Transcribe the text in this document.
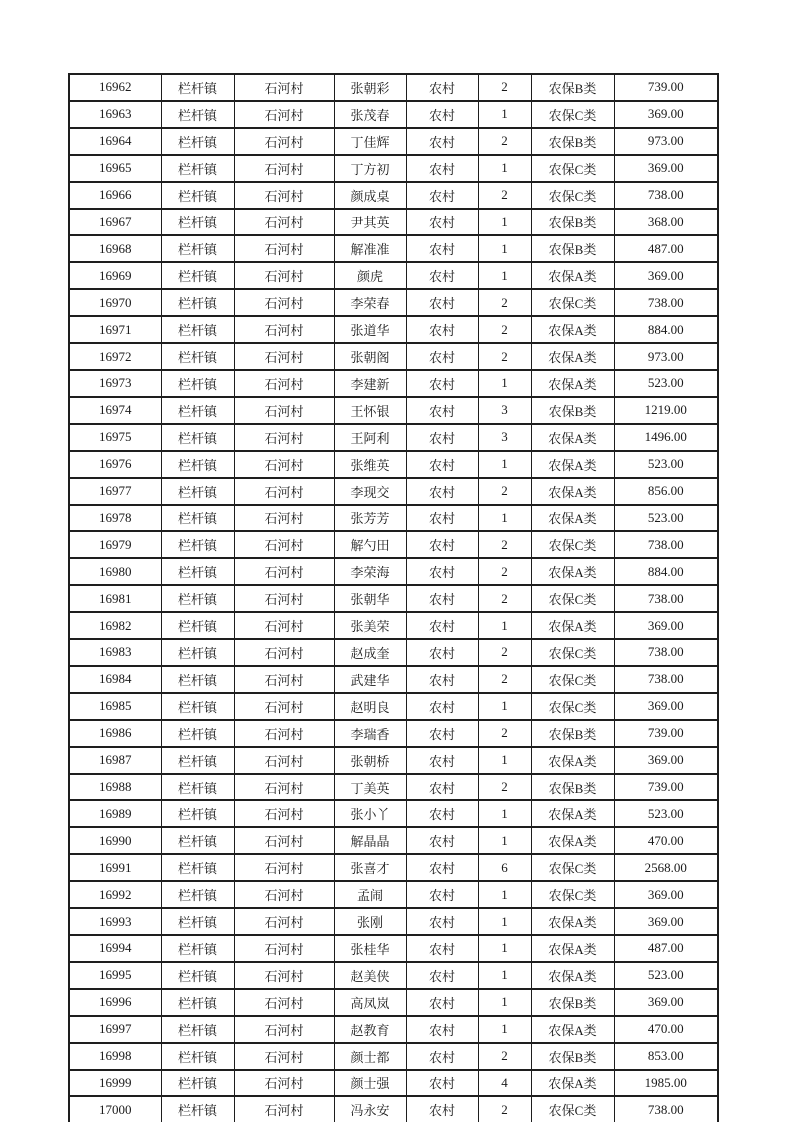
16962	栏杆镇	石河村	张朝彩	农村	2	农保B类	739.00
16963	栏杆镇	石河村	张茂春	农村	1	农保C类	369.00
16964	栏杆镇	石河村	丁佳辉	农村	2	农保B类	973.00
16965	栏杆镇	石河村	丁方初	农村	1	农保C类	369.00
16966	栏杆镇	石河村	颜成桌	农村	2	农保C类	738.00
16967	栏杆镇	石河村	尹其英	农村	1	农保B类	368.00
16968	栏杆镇	石河村	解准准	农村	1	农保B类	487.00
16969	栏杆镇	石河村	颜虎	农村	1	农保A类	369.00
16970	栏杆镇	石河村	李荣春	农村	2	农保C类	738.00
16971	栏杆镇	石河村	张道华	农村	2	农保A类	884.00
16972	栏杆镇	石河村	张朝阁	农村	2	农保A类	973.00
16973	栏杆镇	石河村	李建新	农村	1	农保A类	523.00
16974	栏杆镇	石河村	王怀银	农村	3	农保B类	1219.00
16975	栏杆镇	石河村	王阿利	农村	3	农保A类	1496.00
16976	栏杆镇	石河村	张维英	农村	1	农保A类	523.00
16977	栏杆镇	石河村	李现交	农村	2	农保A类	856.00
16978	栏杆镇	石河村	张芳芳	农村	1	农保A类	523.00
16979	栏杆镇	石河村	解勺田	农村	2	农保C类	738.00
16980	栏杆镇	石河村	李荣海	农村	2	农保A类	884.00
16981	栏杆镇	石河村	张朝华	农村	2	农保C类	738.00
16982	栏杆镇	石河村	张美荣	农村	1	农保A类	369.00
16983	栏杆镇	石河村	赵成奎	农村	2	农保C类	738.00
16984	栏杆镇	石河村	武建华	农村	2	农保C类	738.00
16985	栏杆镇	石河村	赵明良	农村	1	农保C类	369.00
16986	栏杆镇	石河村	李瑞香	农村	2	农保B类	739.00
16987	栏杆镇	石河村	张朝桥	农村	1	农保A类	369.00
16988	栏杆镇	石河村	丁美英	农村	2	农保B类	739.00
16989	栏杆镇	石河村	张小丫	农村	1	农保A类	523.00
16990	栏杆镇	石河村	解晶晶	农村	1	农保A类	470.00
16991	栏杆镇	石河村	张喜才	农村	6	农保C类	2568.00
16992	栏杆镇	石河村	孟闹	农村	1	农保C类	369.00
16993	栏杆镇	石河村	张刚	农村	1	农保A类	369.00
16994	栏杆镇	石河村	张桂华	农村	1	农保A类	487.00
16995	栏杆镇	石河村	赵美侠	农村	1	农保A类	523.00
16996	栏杆镇	石河村	高凤岚	农村	1	农保B类	369.00
16997	栏杆镇	石河村	赵教育	农村	1	农保A类	470.00
16998	栏杆镇	石河村	颜士都	农村	2	农保B类	853.00
16999	栏杆镇	石河村	颜士强	农村	4	农保A类	1985.00
17000	栏杆镇	石河村	冯永安	农村	2	农保C类	738.00
